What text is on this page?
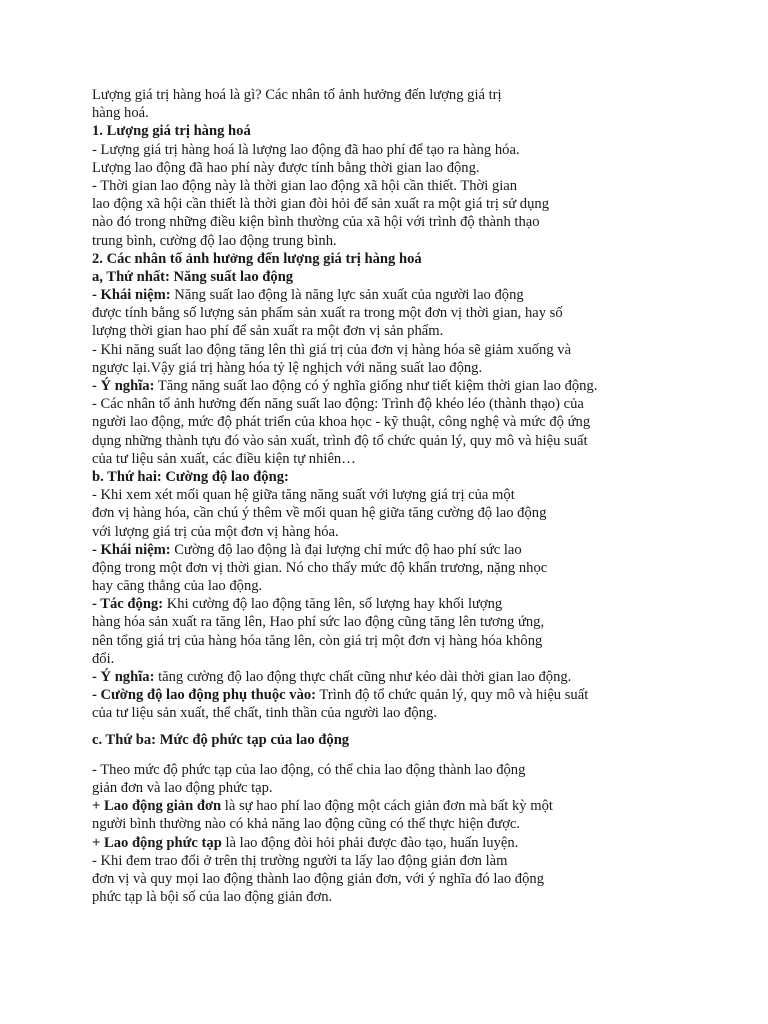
Lượng giá trị hàng hoá là gì? Các nhân tố ảnh hưởng đến lượng giá trị
hàng hoá.
1. Lượng giá trị hàng hoá
- Lượng giá trị hàng hoá là lượng lao động đã hao phí để tạo ra hàng hóa.
Lượng lao động đã hao phí này được tính bằng thời gian lao động.
- Thời gian lao động này là thời gian lao động xã hội cần thiết. Thời gian
lao động xã hội cần thiết là thời gian đòi hỏi để sản xuất ra một giá trị sử dụng
nào đó trong những điều kiện bình thường của xã hội với trình độ thành thạo
trung bình, cường độ lao động trung bình.
2. Các nhân tố ảnh hưởng đến lượng giá trị hàng hoá
a, Thứ nhất: Năng suất lao động
- Khái niệm: Năng suất lao động là năng lực sản xuất của người lao động
được tính bằng số lượng sản phẩm sản xuất ra trong một đơn vị thời gian, hay số
lượng thời gian hao phí để sản xuất ra một đơn vị sản phẩm.
- Khi năng suất lao động tăng lên thì giá trị của đơn vị hàng hóa sẽ giảm xuống và
ngược lại.Vậy giá trị hàng hóa tỷ lệ nghịch với năng suất lao động.
- Ý nghĩa: Tăng năng suất lao động có ý nghĩa giống như tiết kiệm thời gian lao động.
- Các nhân tố ảnh hưởng đến năng suất lao động: Trình độ khéo léo (thành thạo) của
người lao động, mức độ phát triển của khoa học - kỹ thuật, công nghệ và mức độ ứng
dụng những thành tựu đó vào sản xuất, trình độ tổ chức quản lý, quy mô và hiệu suất
của tư liệu sản xuất, các điều kiện tự nhiên…
b. Thứ hai: Cường độ lao động:
- Khi xem xét mối quan hệ giữa tăng năng suất với lượng giá trị của một
đơn vị hàng hóa, cần chú ý thêm về mối quan hệ giữa tăng cường độ lao động
với lượng giá trị của một đơn vị hàng hóa.
- Khái niệm: Cường độ lao động là đại lượng chỉ mức độ hao phí sức lao
động trong một đơn vị thời gian. Nó cho thấy mức độ khẩn trương, nặng nhọc
hay căng thẳng của lao động.
- Tác động: Khi cường độ lao động tăng lên, số lượng hay khối lượng
hàng hóa sản xuất ra tăng lên, Hao phí sức lao động cũng tăng lên tương ứng,
nên tổng giá trị của hàng hóa tăng lên, còn giá trị một đơn vị hàng hóa không
đổi.
- Ý nghĩa: tăng cường độ lao động thực chất cũng như kéo dài thời gian lao động.
- Cường độ lao động phụ thuộc vào: Trình độ tổ chức quản lý, quy mô và hiệu suất
của tư liệu sản xuất, thể chất, tinh thần của người lao động.
c. Thứ ba: Mức độ phức tạp của lao động
- Theo mức độ phức tạp của lao động, có thể chia lao động thành lao động
giản đơn và lao động phức tạp.
+ Lao động giản đơn là sự hao phí lao động một cách giản đơn mà bất kỳ một
người bình thường nào có khả năng lao động cũng có thể thực hiện được.
+ Lao động phức tạp là lao động đòi hỏi phải được đào tạo, huấn luyện.
- Khi đem trao đổi ở trên thị trường người ta lấy lao động giản đơn làm
đơn vị và quy mọi lao động thành lao động giản đơn, với ý nghĩa đó lao động
phức tạp là bội số của lao động giản đơn.
